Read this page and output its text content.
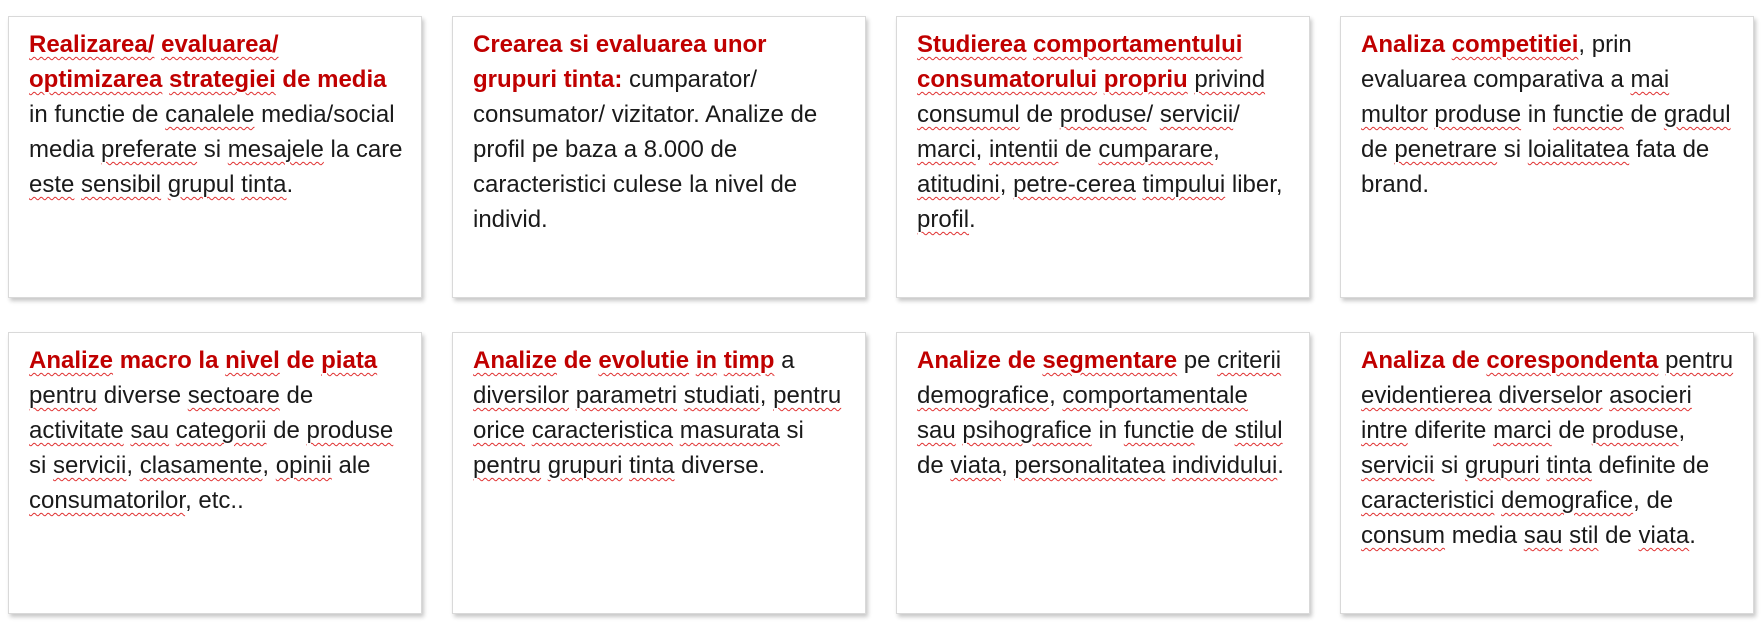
Realizarea/ evaluarea/ optimizarea strategiei de media in functie de canalele media/social media preferate si mesajele la care este sensibil grupul tinta.

Crearea si evaluarea unor grupuri tinta: cumparator/ consumator/ vizitator. Analize de profil pe baza a 8.000 de caracteristici culese la nivel de individ.

Studierea comportamentului consumatorului propriu privind consumul de produse/ servicii/ marci, intentii de cumparare, atitudini, petre-cerea timpului liber, profil.

Analiza competitiei, prin evaluarea comparativa a mai multor produse in functie de gradul de penetrare si loialitatea fata de brand.

Analize macro la nivel de piata pentru diverse sectoare de activitate sau categorii de produse si servicii, clasamente, opinii ale consumatorilor, etc..

Analize de evolutie in timp a diversilor parametri studiati, pentru orice caracteristica masurata si pentru grupuri tinta diverse.

Analize de segmentare pe criterii demografice, comportamentale sau psihografice in functie de stilul de viata, personalitatea individului.

Analiza de corespondenta pentru evidentierea diverselor asocieri intre diferite marci de produse, servicii si grupuri tinta definite de caracteristici demografice, de consum media sau stil de viata.
